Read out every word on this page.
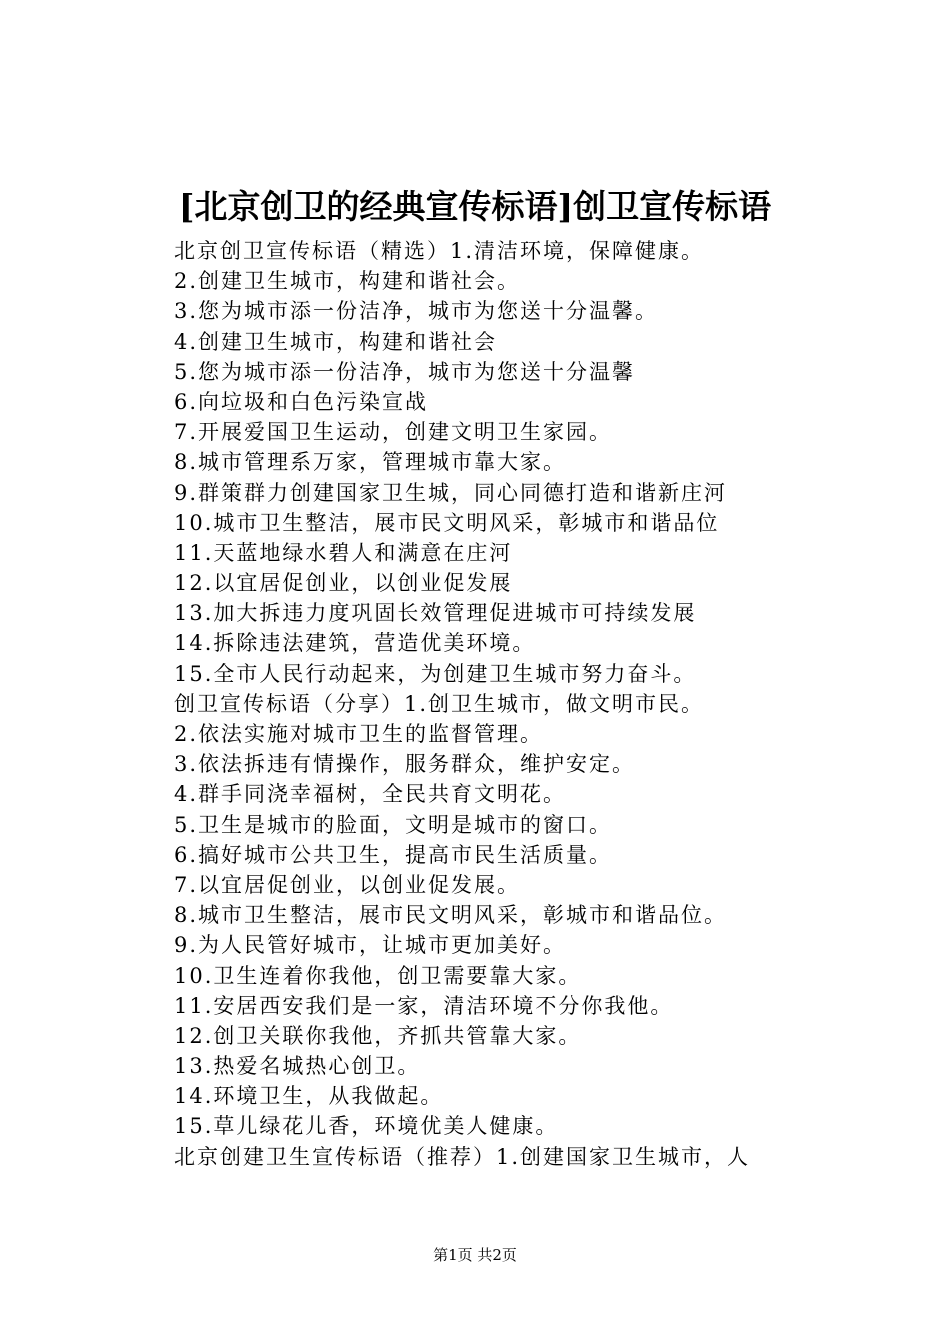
[北京创卫的经典宣传标语]创卫宣传标语
北京创卫宣传标语（精选）1.清洁环境，保障健康。
2.创建卫生城市，构建和谐社会。
3.您为城市添一份洁净，城市为您送十分温馨。
4.创建卫生城市，构建和谐社会
5.您为城市添一份洁净，城市为您送十分温馨
6.向垃圾和白色污染宣战
7.开展爱国卫生运动，创建文明卫生家园。
8.城市管理系万家，管理城市靠大家。
9.群策群力创建国家卫生城，同心同德打造和谐新庄河
10.城市卫生整洁，展市民文明风采，彰城市和谐品位
11.天蓝地绿水碧人和满意在庄河
12.以宜居促创业，以创业促发展
13.加大拆违力度巩固长效管理促进城市可持续发展
14.拆除违法建筑，营造优美环境。
15.全市人民行动起来，为创建卫生城市努力奋斗。
创卫宣传标语（分享）1.创卫生城市，做文明市民。
2.依法实施对城市卫生的监督管理。
3.依法拆违有情操作，服务群众，维护安定。
4.群手同浇幸福树，全民共育文明花。
5.卫生是城市的脸面，文明是城市的窗口。
6.搞好城市公共卫生，提高市民生活质量。
7.以宜居促创业，以创业促发展。
8.城市卫生整洁，展市民文明风采，彰城市和谐品位。
9.为人民管好城市，让城市更加美好。
10.卫生连着你我他，创卫需要靠大家。
11.安居西安我们是一家，清洁环境不分你我他。
12.创卫关联你我他，齐抓共管靠大家。
13.热爱名城热心创卫。
14.环境卫生，从我做起。
15.草儿绿花儿香，环境优美人健康。
北京创建卫生宣传标语（推荐）1.创建国家卫生城市，人
第1页 共2页
